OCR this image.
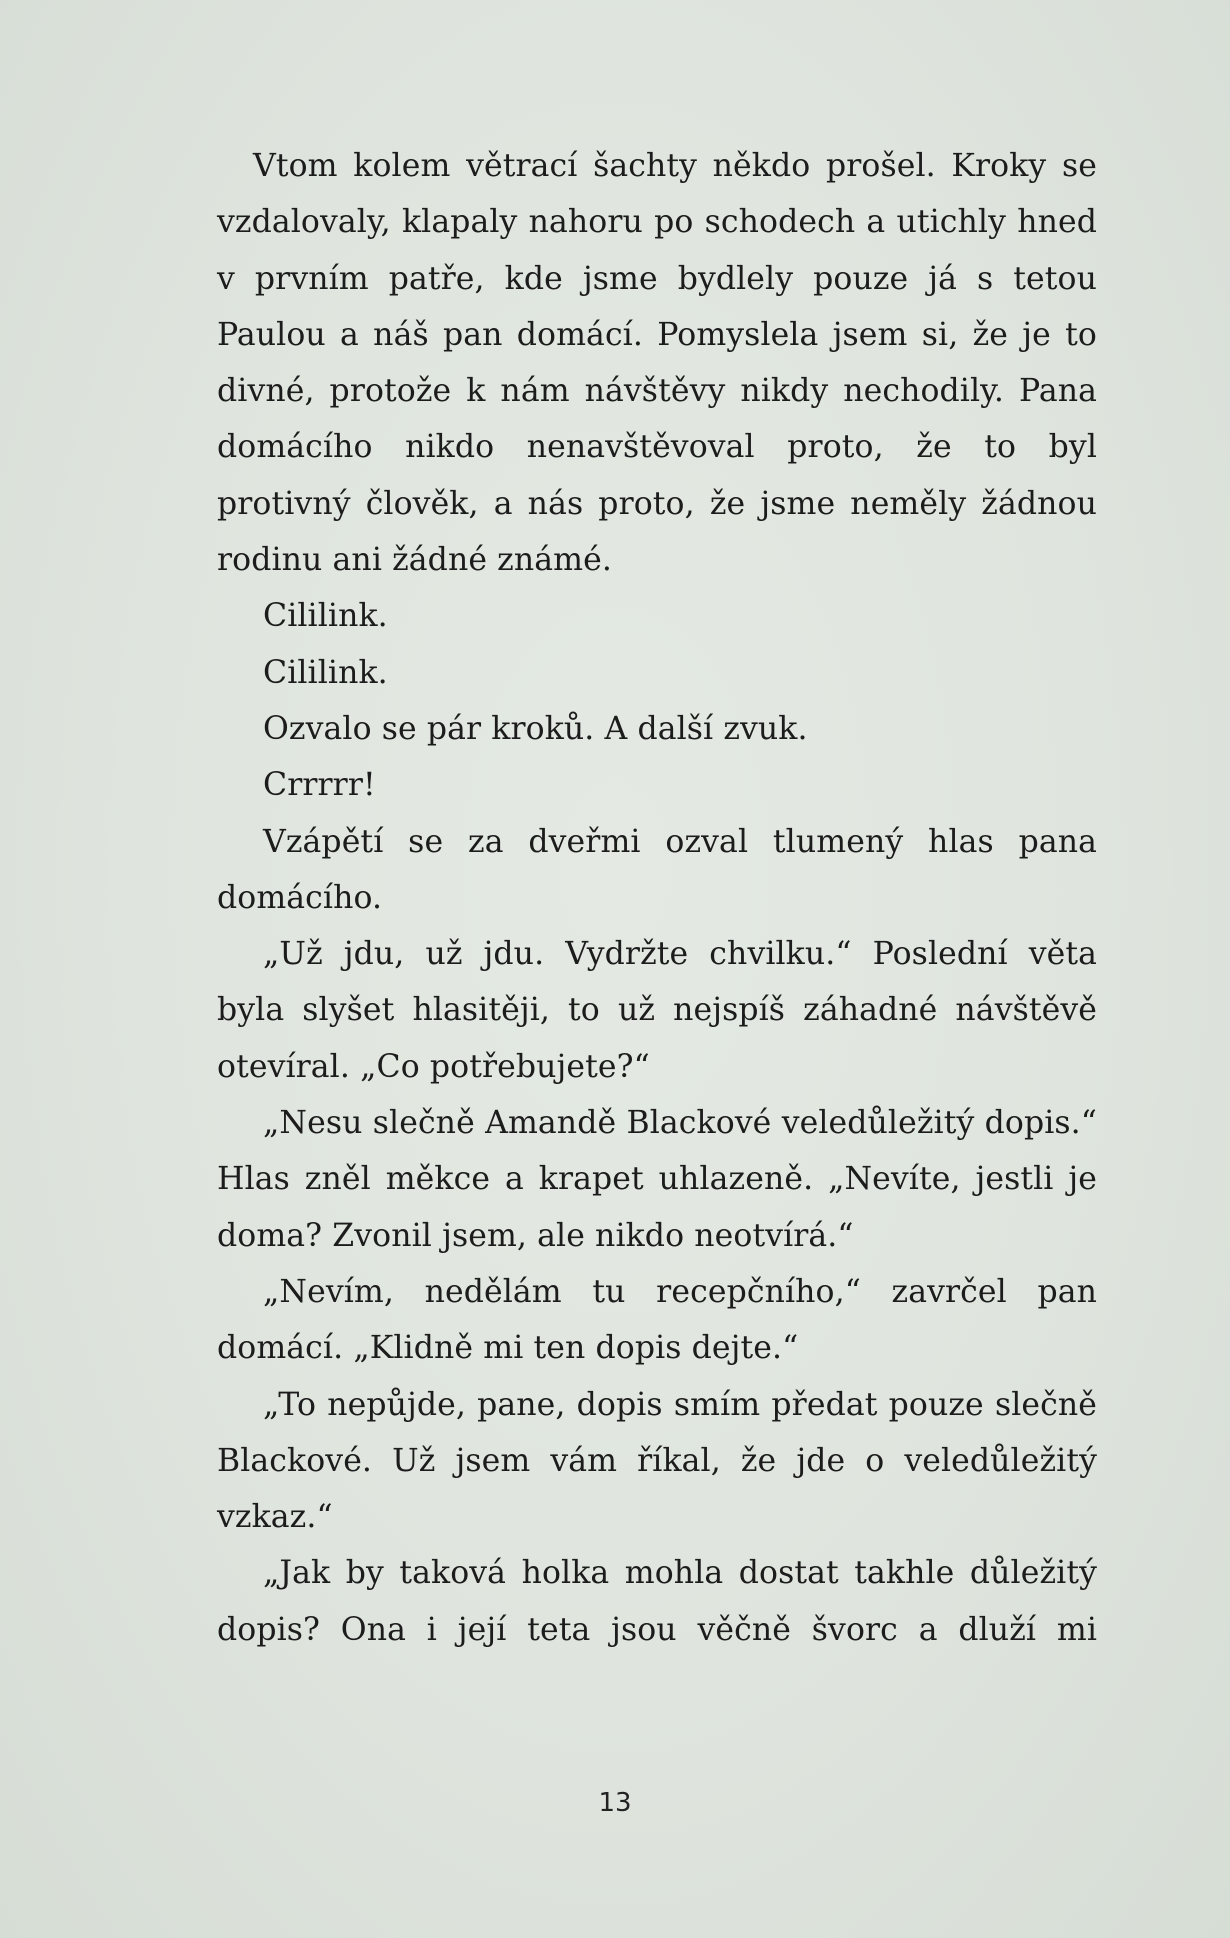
Vtom kolem větrací šachty někdo prošel. Kroky se vzdalovaly, klapaly nahoru po schodech a utichly hned v prvním patře, kde jsme bydlely pouze já s tetou Paulou a náš pan domácí. Pomyslela jsem si, že je to divné, protože k nám návštěvy nikdy nechodily. Pana domácího nikdo nenavštěvoval proto, že to byl protivný člověk, a nás proto, že jsme neměly žádnou rodinu ani žádné známé.

Cililink.

Cililink.

Ozvalo se pár kroků. A další zvuk.

Crrrrr!

Vzápětí se za dveřmi ozval tlumený hlas pana domácího.

„Už jdu, už jdu. Vydržte chvilku.“ Poslední věta byla slyšet hlasitěji, to už nejspíš záhadné návštěvě otevíral. „Co potřebujete?“

„Nesu slečně Amandě Blackové veledůležitý dopis.“ Hlas zněl měkce a krapet uhlazeně. „Nevíte, jestli je doma? Zvonil jsem, ale nikdo neotvírá.“

„Nevím, nedělám tu recepčního,“ zavrčel pan domácí. „Klidně mi ten dopis dejte.“

„To nepůjde, pane, dopis smím předat pouze slečně Blackové. Už jsem vám říkal, že jde o veledůležitý vzkaz.“

„Jak by taková holka mohla dostat takhle důležitý dopis? Ona i její teta jsou věčně švorc a dluží mi

13
